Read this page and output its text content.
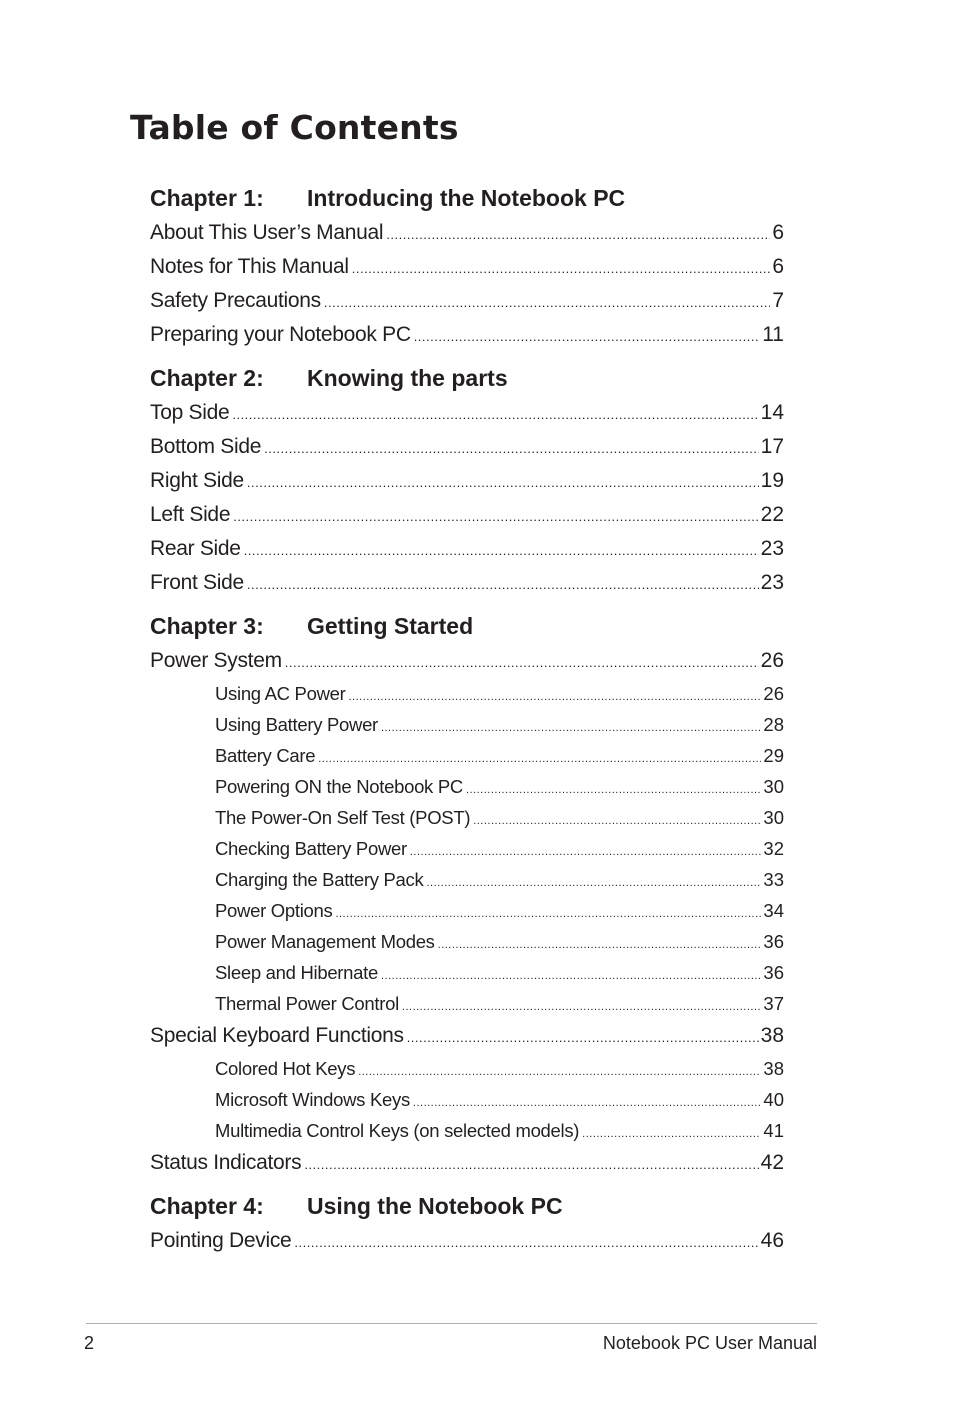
Table of Contents
Chapter 1:	Introducing the Notebook PC
About This User’s Manual .....	6
Notes for This Manual .....	6
Safety Precautions .....	7
Preparing your Notebook PC .....	11
Chapter 2:	Knowing the parts
Top Side .....	14
Bottom Side .....	17
Right Side .....	19
Left Side .....	22
Rear Side .....	23
Front Side .....	23
Chapter 3:	Getting Started
Power System .....	26
Using AC Power .....	26
Using Battery Power .....	28
Battery Care .....	29
Powering ON the Notebook PC .....	30
The Power-On Self Test (POST) .....	30
Checking Battery Power .....	32
Charging the Battery Pack .....	33
Power Options .....	34
Power Management Modes .....	36
Sleep and Hibernate .....	36
Thermal Power Control .....	37
Special Keyboard Functions .....	38
Colored Hot Keys .....	38
Microsoft Windows Keys .....	40
Multimedia Control Keys (on selected models) .....	41
Status Indicators .....	42
Chapter 4:	Using the Notebook PC
Pointing Device .....	46
2	Notebook PC User Manual
